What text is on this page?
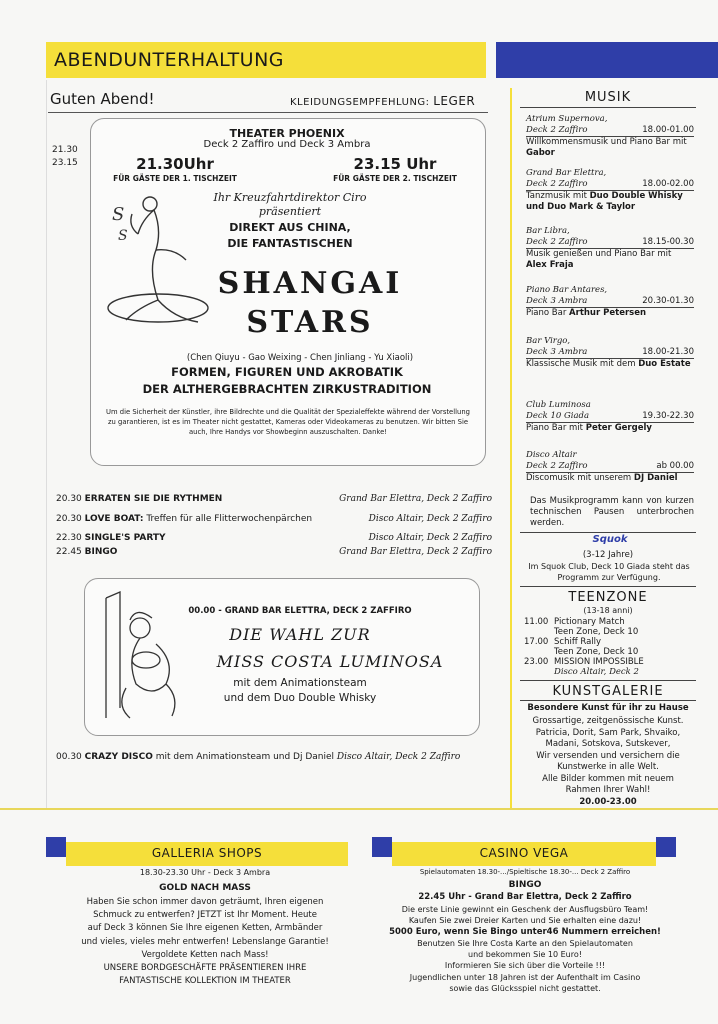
ABENDUNTERHALTUNG
Guten Abend!	KLEIDUNGSEMPFEHLUNG: LEGER
21.30
23.15
THEATER PHOENIX
Deck 2 Zaffiro und Deck 3 Ambra
21.30Uhr
FÜR GÄSTE DER 1. TISCHZEIT
23.15 Uhr
FÜR GÄSTE DER 2. TISCHZEIT
S
S
Ihr Kreuzfahrtdirektor Ciro
präsentiert
DIREKT AUS CHINA,
DIE FANTASTISCHEN
SHANGAI
STARS
(Chen Qiuyu - Gao Weixing - Chen Jinliang - Yu Xiaoli)
FORMEN, FIGUREN UND AKROBATIK
DER ALTHERGEBRACHTEN ZIRKUSTRADITION
Um die Sicherheit der Künstler, ihre Bildrechte und die Qualität der Spezialeffekte während der Vorstellung zu garantieren, ist es im Theater nicht gestattet, Kameras oder Videokameras zu benutzen. Wir bitten Sie auch, Ihre Handys vor Showbeginn auszuschalten. Danke!
20.30 ERRATEN SIE DIE RYTHMEN	Grand Bar Elettra, Deck 2 Zaffiro
20.30 LOVE BOAT: Treffen für alle Flitterwochenpärchen	Disco Altair, Deck 2 Zaffiro
22.30 SINGLE'S PARTY	Disco Altair, Deck 2 Zaffiro
22.45 BINGO	Grand Bar Elettra, Deck 2 Zaffiro
00.00 - GRAND BAR ELETTRA, DECK 2 ZAFFIRO
DIE WAHL ZUR
MISS COSTA LUMINOSA
mit dem Animationsteam
und dem Duo Double Whisky
00.30 CRAZY DISCO mit dem Animationsteam und Dj Daniel Disco Altair, Deck 2 Zaffiro
MUSIK
Atrium Supernova,
Deck 2 Zaffiro	18.00-01.00
Willkommensmusik und Piano Bar mit Gabor
Grand Bar Elettra,
Deck 2 Zaffiro	18.00-02.00
Tanzmusik mit Duo Double Whisky und Duo Mark & Taylor
Bar Libra,
Deck 2 Zaffiro	18.15-00.30
Musik genießen und Piano Bar mit Alex Fraja
Piano Bar Antares,
Deck 3 Ambra	20.30-01.30
Piano Bar Arthur Petersen
Bar Virgo,
Deck 3 Ambra	18.00-21.30
Klassische Musik mit dem Duo Estate
Club Luminosa
Deck 10 Giada	19.30-22.30
Piano Bar mit Peter Gergely
Disco Altair
Deck 2 Zaffiro	ab 00.00
Discomusik mit unserem DJ Daniel
Das Musikprogramm kann von kurzen technischen Pausen unterbrochen werden.
Squok
(3-12 Jahre)
Im Squok Club, Deck 10 Giada steht das Programm zur Verfügung.
TEENZONE
(13-18 anni)
11.00 Pictionary Match
Teen Zone, Deck 10
17.00 Schiff Rally
Teen Zone, Deck 10
23.00 MISSION IMPOSSIBLE
Disco Altair, Deck 2
KUNSTGALERIE
Besondere Kunst für ihr zu Hause
Grossartige, zeitgenössische Kunst.
Patricia, Dorit, Sam Park, Shvaiko,
Madani, Sotskova, Sutskever,
Wir versenden und versichern die
Kunstwerke in alle Welt.
Alle Bilder kommen mit neuem
Rahmen Ihrer Wahl!
20.00-23.00
GALLERIA SHOPS
18.30-23.30 Uhr - Deck 3 Ambra
GOLD NACH MASS
Haben Sie schon immer davon geträumt, Ihren eigenen
Schmuck zu entwerfen? JETZT ist Ihr Moment. Heute
auf Deck 3 können Sie Ihre eigenen Ketten, Armbänder
und vieles, vieles mehr entwerfen! Lebenslange Garantie!
Vergoldete Ketten nach Mass!
UNSERE BORDGESCHÄFTE PRÄSENTIEREN IHRE
FANTASTISCHE KOLLEKTION IM THEATER
CASINO VEGA
Spielautomaten 18.30-.../Spieltische 18.30-... Deck 2 Zaffiro
BINGO
22.45 Uhr - Grand Bar Elettra, Deck 2 Zaffiro
Die erste Linie gewinnt ein Geschenk der Ausflugsbüro Team!
Kaufen Sie zwei Dreier Karten und Sie erhalten eine dazu!
5000 Euro, wenn Sie Bingo unter46 Nummern erreichen!
Benutzen Sie Ihre Costa Karte an den Spielautomaten
und bekommen Sie 10 Euro!
Informieren Sie sich über die Vorteile !!!
Jugendlichen unter 18 Jahren ist der Aufenthalt im Casino
sowie das Glücksspiel nicht gestattet.
